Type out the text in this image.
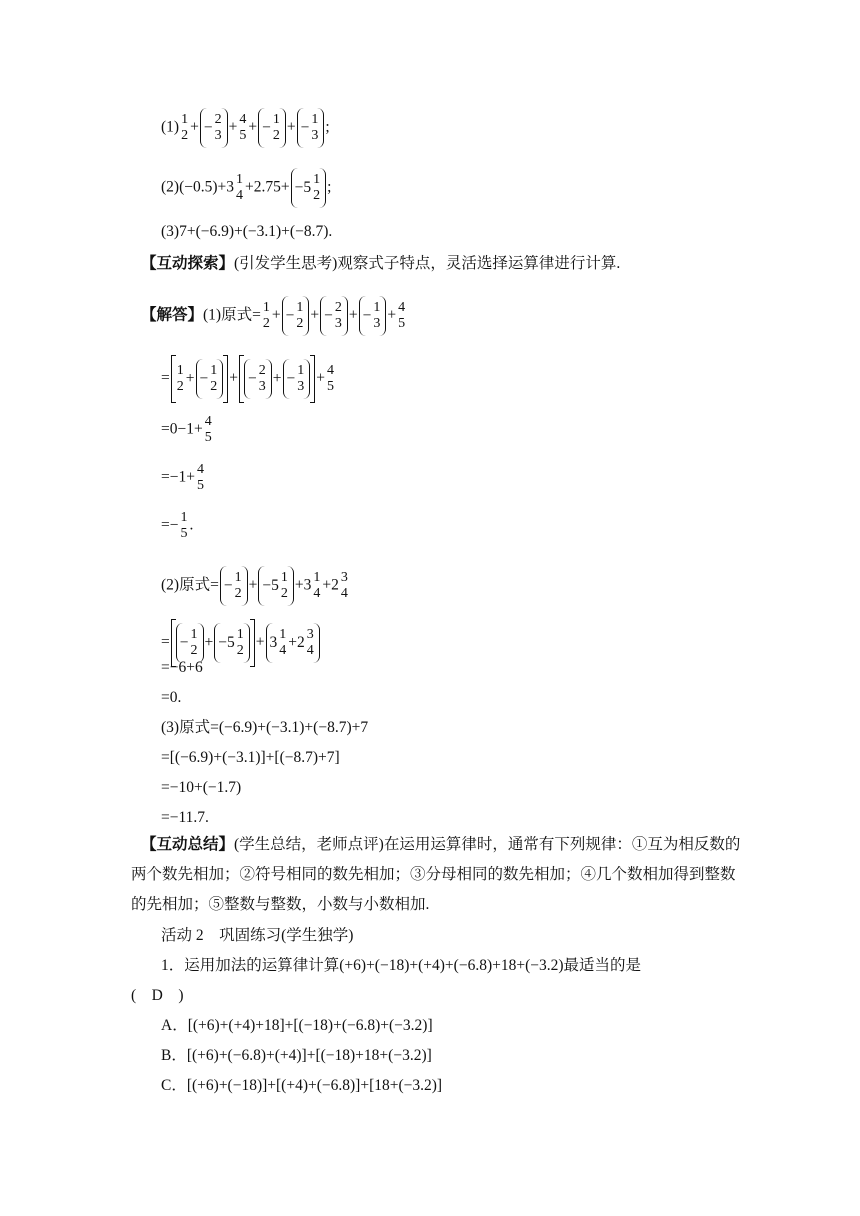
(1) 1
2 + − 2
3 + 4
5 + − 1
2 + − 1
3 ;
(2)(−0.5)+3 1
4 +2.75+ −5 1
2 ;
(3)7+(−6.9)+(−3.1)+(−8.7).
【互动探索】(引发学生思考)观察式子特点，灵活选择运算律进行计算.
【解答】(1)原式= 1
2 + − 1
2 + − 2
3 + − 1
3 + 4
5
= 1
2 + − 1
2 + − 2
3 + − 1
3 + 4
5
=0−1+ 4
5
=−1+ 4
5
=− 1
5 .
(2)原式= − 1
2 + −5 1
2 +3 1
4 +2 3
4
= − 1
2 + −5 1
2 + 3 1
4 +2 3
4
=−6+6
=0.
(3)原式=(−6.9)+(−3.1)+(−8.7)+7
=[(−6.9)+(−3.1)]+[(−8.7)+7]
=−10+(−1.7)
=−11.7.
【互动总结】(学生总结，老师点评)在运用运算律时，通常有下列规律：①互为相反数的两个数先相加；②符号相同的数先相加；③分母相同的数先相加；④几个数相加得到整数的先相加；⑤整数与整数，小数与小数相加.
活动 2　巩固练习(学生独学)
1．运用加法的运算律计算(+6)+(−18)+(+4)+(−6.8)+18+(−3.2)最适当的是
(　D　)
A．[(+6)+(+4)+18]+[(−18)+(−6.8)+(−3.2)]
B．[(+6)+(−6.8)+(+4)]+[(−18)+18+(−3.2)]
C．[(+6)+(−18)]+[(+4)+(−6.8)]+[18+(−3.2)]
